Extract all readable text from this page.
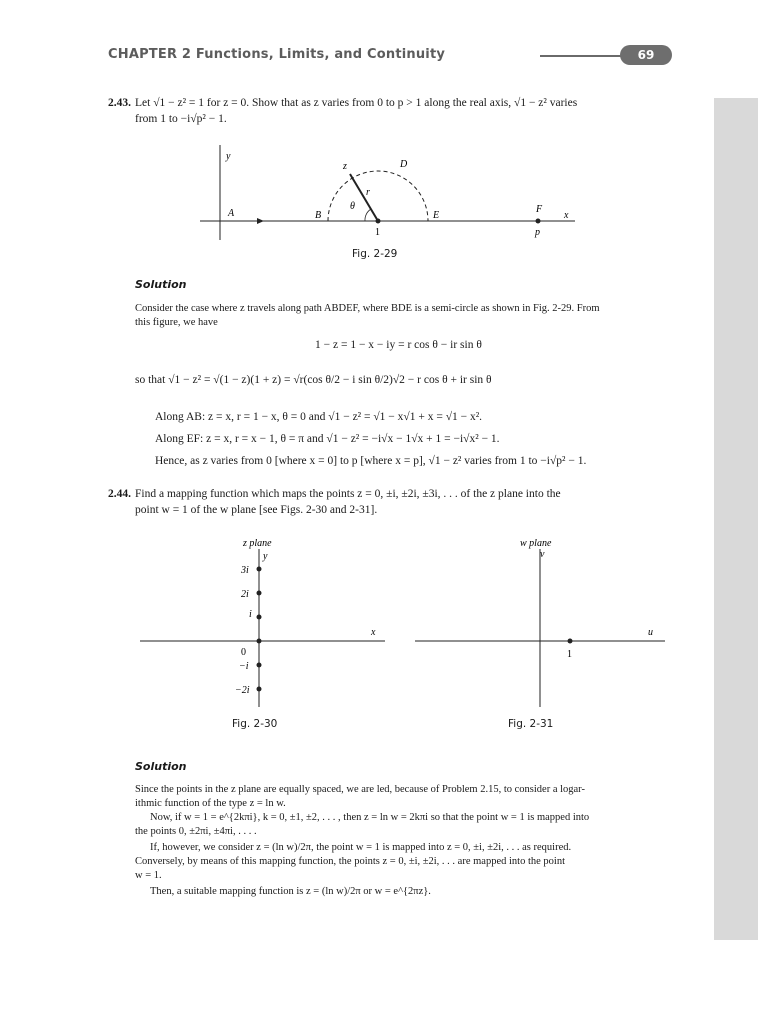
CHAPTER 2 Functions, Limits, and Continuity	69
2.43. Let √1 − z² = 1 for z = 0. Show that as z varies from 0 to p > 1 along the real axis, √1 − z² varies
from 1 to −i√p² − 1.
y
A	B	E
F
x
D
z
r
θ
1	p
Fig. 2-29
Solution
Consider the case where z travels along path ABDEF, where BDE is a semi-circle as shown in Fig. 2-29. From
this figure, we have
1 − z = 1 − x − iy = r cos θ − ir sin θ
so that √1 − z² = √(1 − z)(1 + z) = √r(cos θ/2 − i sin θ/2)√2 − r cos θ + ir sin θ
Along AB: z = x, r = 1 − x, θ = 0 and √1 − z² = √1 − x√1 + x = √1 − x².
Along EF: z = x, r = x − 1, θ = π and √1 − z² = −i√x − 1√x + 1 = −i√x² − 1.
Hence, as z varies from 0 [where x = 0] to p [where x = p], √1 − z² varies from 1 to −i√p² − 1.
2.44. Find a mapping function which maps the points z = 0, ±i, ±2i, ±3i, . . . of the z plane into the
point w = 1 of the w plane [see Figs. 2-30 and 2-31].
z plane
y
x
3i
2i
i
0
−i
−2i
Fig. 2-30
w plane
v
u
1
Fig. 2-31
Solution
Since the points in the z plane are equally spaced, we are led, because of Problem 2.15, to consider a logar-
ithmic function of the type z = ln w.
Now, if w = 1 = e^{2kπi}, k = 0, ±1, ±2, . . . , then z = ln w = 2kπi so that the point w = 1 is mapped into
the points 0, ±2πi, ±4πi, . . . .
If, however, we consider z = (ln w)/2π, the point w = 1 is mapped into z = 0, ±i, ±2i, . . . as required.
Conversely, by means of this mapping function, the points z = 0, ±i, ±2i, . . . are mapped into the point
w = 1.
Then, a suitable mapping function is z = (ln w)/2π or w = e^{2πz}.
